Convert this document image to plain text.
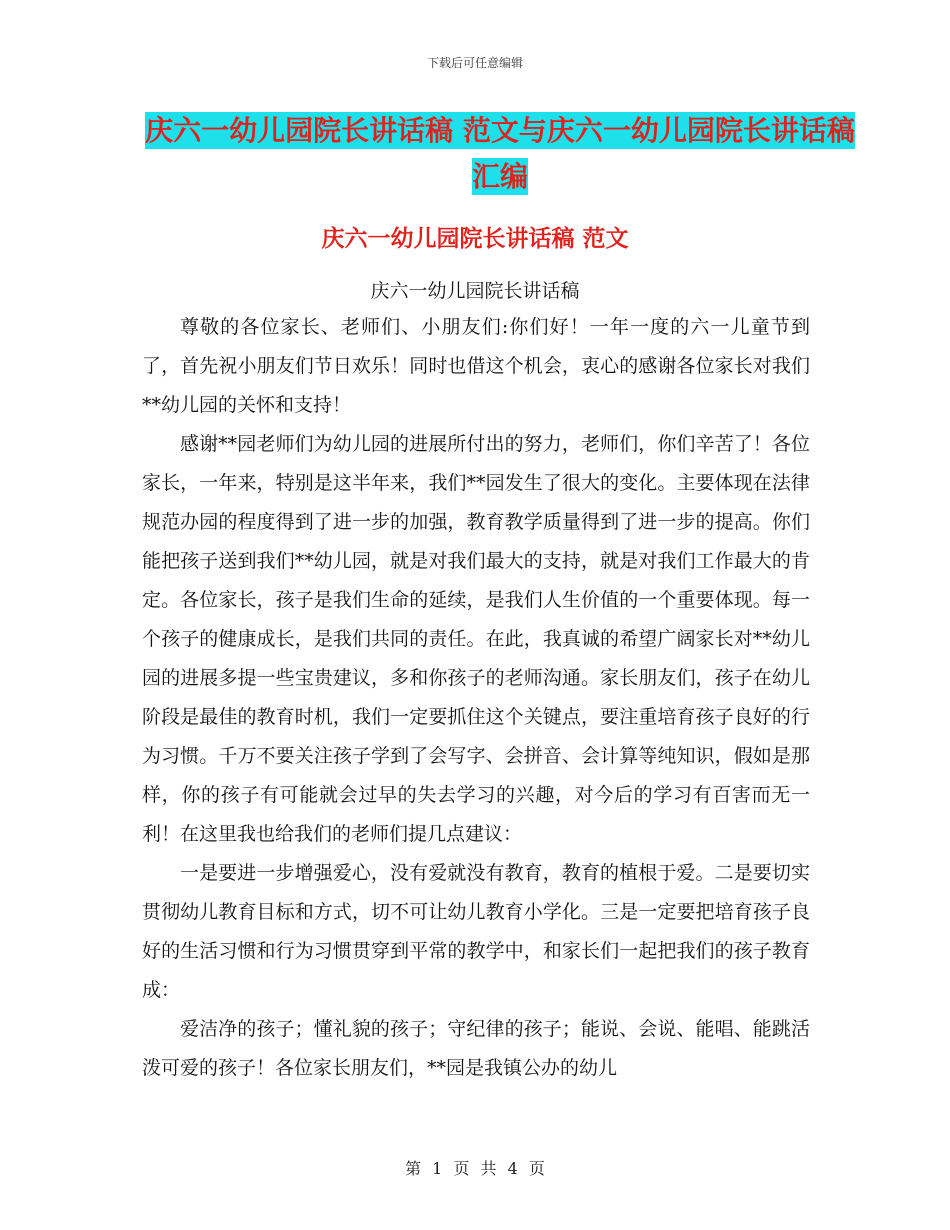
下载后可任意编辑
庆六一幼儿园院长讲话稿 范文与庆六一幼儿园院长讲话稿汇编
庆六一幼儿园院长讲话稿 范文
庆六一幼儿园院长讲话稿

尊敬的各位家长、老师们、小朋友们:你们好！一年一度的六一儿童节到了，首先祝小朋友们节日欢乐！同时也借这个机会，衷心的感谢各位家长对我们**幼儿园的关怀和支持！

感谢**园老师们为幼儿园的进展所付出的努力，老师们，你们辛苦了！各位家长，一年来，特别是这半年来，我们**园发生了很大的变化。主要体现在法律规范办园的程度得到了进一步的加强，教育教学质量得到了进一步的提高。你们能把孩子送到我们**幼儿园，就是对我们最大的支持，就是对我们工作最大的肯定。各位家长，孩子是我们生命的延续，是我们人生价值的一个重要体现。每一个孩子的健康成长，是我们共同的责任。在此，我真诚的希望广阔家长对**幼儿园的进展多提一些宝贵建议，多和你孩子的老师沟通。家长朋友们，孩子在幼儿阶段是最佳的教育时机，我们一定要抓住这个关键点，要注重培育孩子良好的行为习惯。千万不要关注孩子学到了会写字、会拼音、会计算等纯知识，假如是那样，你的孩子有可能就会过早的失去学习的兴趣，对今后的学习有百害而无一利！在这里我也给我们的老师们提几点建议：

一是要进一步增强爱心，没有爱就没有教育，教育的植根于爱。二是要切实贯彻幼儿教育目标和方式，切不可让幼儿教育小学化。三是一定要把培育孩子良好的生活习惯和行为习惯贯穿到平常的教学中，和家长们一起把我们的孩子教育成：

爱洁净的孩子；懂礼貌的孩子；守纪律的孩子；能说、会说、能唱、能跳活泼可爱的孩子！各位家长朋友们，**园是我镇公办的幼儿

第 1 页 共 4 页
